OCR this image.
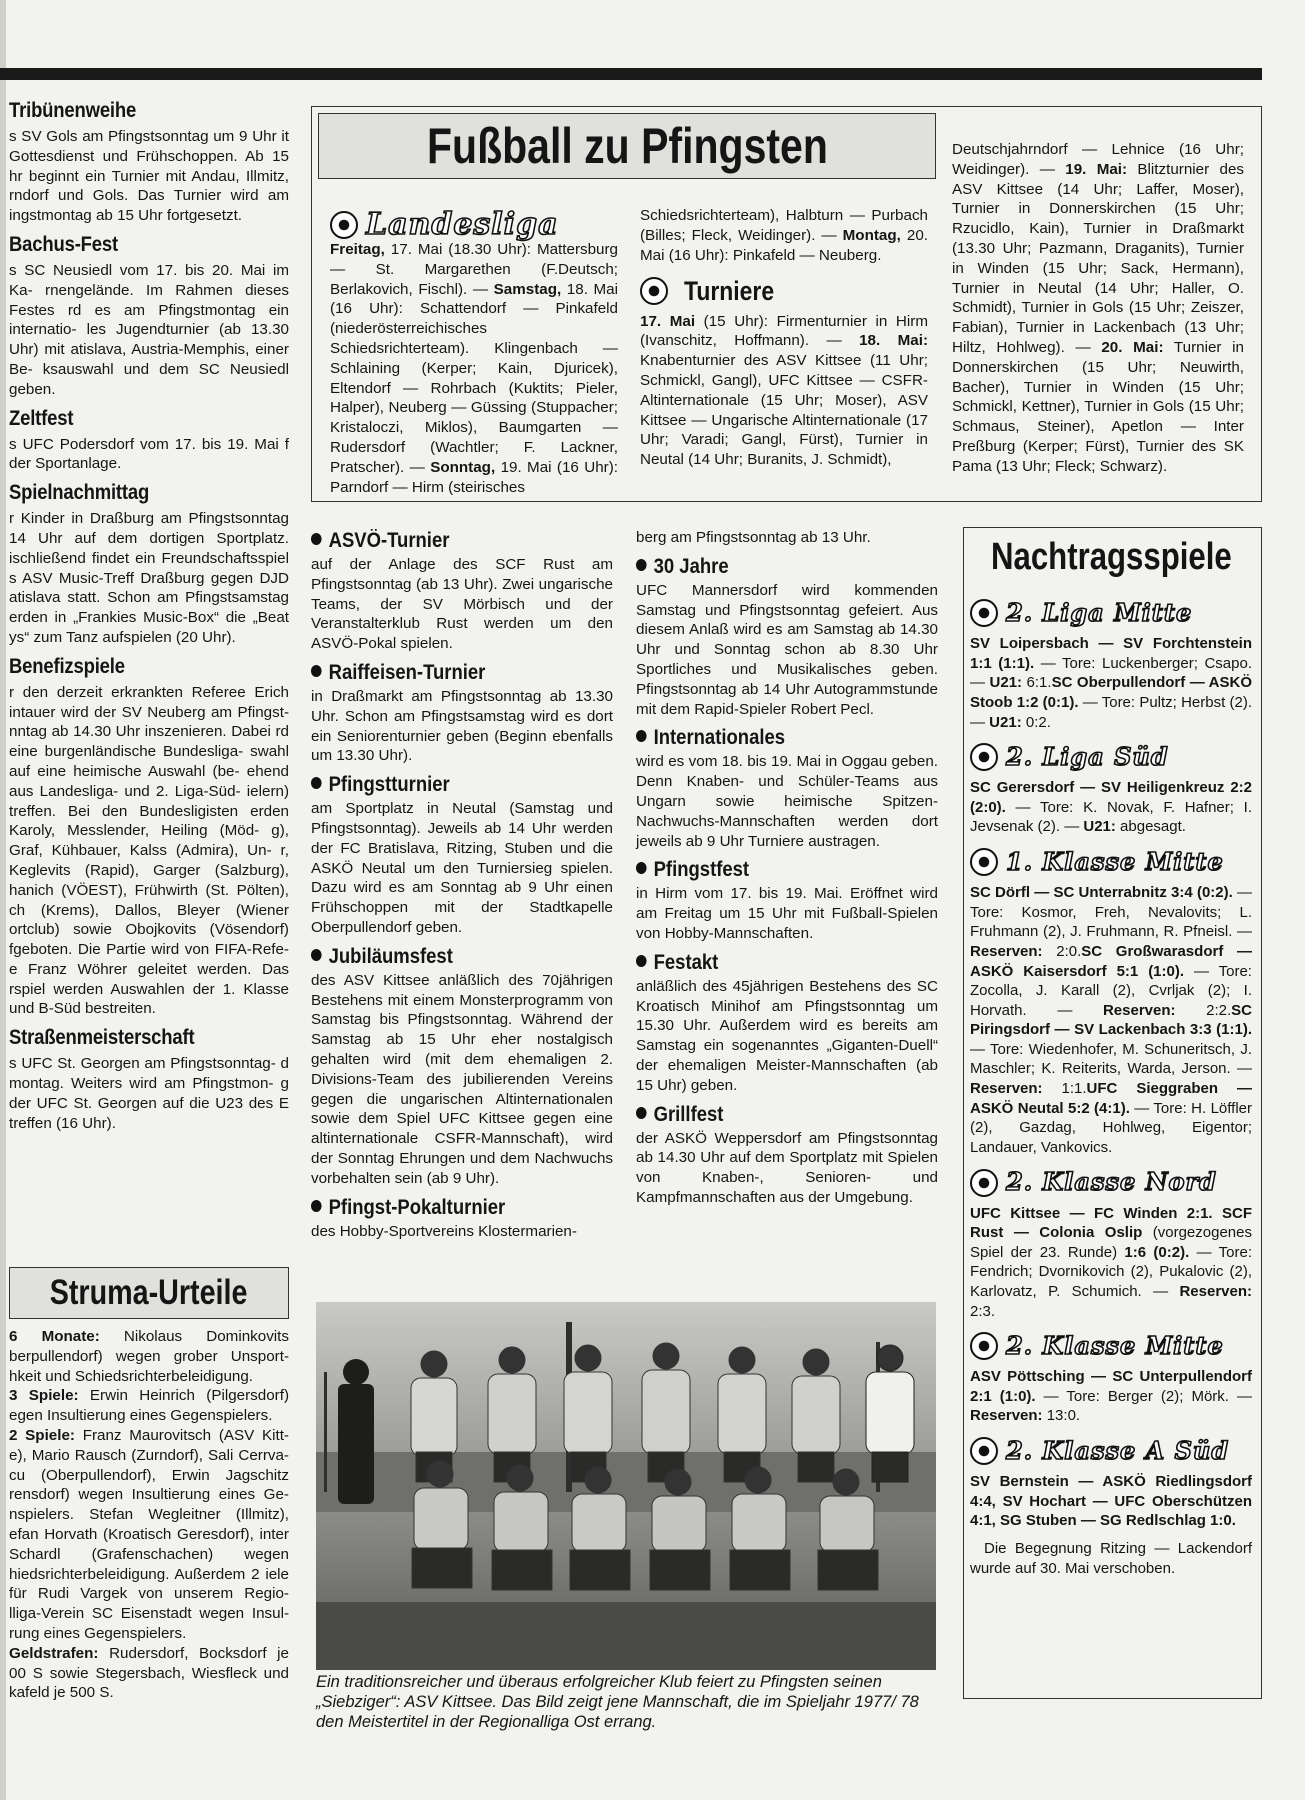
Tribünenweihe

s SV Gols am Pfingstsonntag um 9 Uhr it Gottesdienst und Frühschoppen. Ab 15 hr beginnt ein Turnier mit Andau, Illmitz, rndorf und Gols. Das Turnier wird am ingstmontag ab 15 Uhr fortgesetzt.

Bachus-Fest

s SC Neusiedl vom 17. bis 20. Mai im Ka- rnengelände. Im Rahmen dieses Festes rd es am Pfingstmontag ein internatio- les Jugendturnier (ab 13.30 Uhr) mit atislava, Austria-Memphis, einer Be- ksauswahl und dem SC Neusiedl geben.

Zeltfest

s UFC Podersdorf vom 17. bis 19. Mai f der Sportanlage.

Spielnachmittag

r Kinder in Draßburg am Pfingstsonntag 14 Uhr auf dem dortigen Sportplatz. ischließend findet ein Freundschaftsspiel s ASV Music-Treff Draßburg gegen DJD atislava statt. Schon am Pfingstsamstag erden in „Frankies Music-Box“ die „Beat ys“ zum Tanz aufspielen (20 Uhr).

Benefizspiele

r den derzeit erkrankten Referee Erich intauer wird der SV Neuberg am Pfingst- nntag ab 14.30 Uhr inszenieren. Dabei rd eine burgenländische Bundesliga- swahl auf eine heimische Auswahl (be- ehend aus Landesliga- und 2. Liga-Süd- ielern) treffen. Bei den Bundesligisten erden Karoly, Messlender, Heiling (Möd- g), Graf, Kühbauer, Kalss (Admira), Un- r, Keglevits (Rapid), Garger (Salzburg), hanich (VÖEST), Frühwirth (St. Pölten), ch (Krems), Dallos, Bleyer (Wiener ortclub) sowie Obojkovits (Vösendorf) fgeboten. Die Partie wird von FIFA-Refe- e Franz Wöhrer geleitet werden. Das rspiel werden Auswahlen der 1. Klasse und B-Süd bestreiten.

Straßenmeisterschaft

s UFC St. Georgen am Pfingstsonntag- d montag. Weiters wird am Pfingstmon- g der UFC St. Georgen auf die U23 des E treffen (16 Uhr).

Struma-Urteile

6 Monate: Nikolaus Dominkovits berpullendorf) wegen grober Unsport- hkeit und Schiedsrichterbeleidigung.

3 Spiele: Erwin Heinrich (Pilgersdorf) egen Insultierung eines Gegenspielers.

2 Spiele: Franz Maurovitsch (ASV Kitt- e), Mario Rausch (Zurndorf), Sali Cerrva- cu (Oberpullendorf), Erwin Jagschitz rensdorf) wegen Insultierung eines Ge- nspielers. Stefan Wegleitner (Illmitz), efan Horvath (Kroatisch Geresdorf), inter Schardl (Grafenschachen) wegen hiedsrichterbeleidigung. Außerdem 2 iele für Rudi Vargek von unserem Regio- lliga-Verein SC Eisenstadt wegen Insul- rung eines Gegenspielers.

Geldstrafen: Rudersdorf, Bocksdorf je 00 S sowie Stegersbach, Wiesfleck und kafeld je 500 S.

Fußball zu Pfingsten
Landesliga

Freitag, 17. Mai (18.30 Uhr): Mattersburg — St. Margarethen (F.Deutsch; Berlakovich, Fischl). — Samstag, 18. Mai (16 Uhr): Schattendorf — Pinkafeld (niederösterreichisches Schiedsrichterteam). Klingenbach — Schlaining (Kerper; Kain, Djuricek), Eltendorf — Rohrbach (Kuktits; Pieler, Halper), Neuberg — Güssing (Stuppacher; Kristaloczi, Miklos), Baumgarten — Rudersdorf (Wachtler; F. Lackner, Pratscher). — Sonntag, 19. Mai (16 Uhr): Parndorf — Hirm (steirisches

Schiedsrichterteam), Halbturn — Purbach (Billes; Fleck, Weidinger). — Montag, 20. Mai (16 Uhr): Pinkafeld — Neuberg.

Turniere

17. Mai (15 Uhr): Firmenturnier in Hirm (Ivanschitz, Hoffmann). — 18. Mai: Knabenturnier des ASV Kittsee (11 Uhr; Schmickl, Gangl), UFC Kittsee — CSFR-Altinternationale (15 Uhr; Moser), ASV Kittsee — Ungarische Altinternationale (17 Uhr; Varadi; Gangl, Fürst), Turnier in Neutal (14 Uhr; Buranits, J. Schmidt),

Deutschjahrndorf — Lehnice (16 Uhr; Weidinger). — 19. Mai: Blitzturnier des ASV Kittsee (14 Uhr; Laffer, Moser), Turnier in Donnerskirchen (15 Uhr; Rzucidlo, Kain), Turnier in Draßmarkt (13.30 Uhr; Pazmann, Draganits), Turnier in Winden (15 Uhr; Sack, Hermann), Turnier in Neutal (14 Uhr; Haller, O. Schmidt), Turnier in Gols (15 Uhr; Zeiszer, Fabian), Turnier in Lackenbach (13 Uhr; Hiltz, Hohlweg). — 20. Mai: Turnier in Donnerskirchen (15 Uhr; Neuwirth, Bacher), Turnier in Winden (15 Uhr; Schmickl, Kettner), Turnier in Gols (15 Uhr; Schmaus, Steiner), Apetlon — Inter Preßburg (Kerper; Fürst), Turnier des SK Pama (13 Uhr; Fleck; Schwarz).

ASVÖ-Turnier

auf der Anlage des SCF Rust am Pfingstsonntag (ab 13 Uhr). Zwei ungarische Teams, der SV Mörbisch und der Veranstalterklub Rust werden um den ASVÖ-Pokal spielen.

Raiffeisen-Turnier

in Draßmarkt am Pfingstsonntag ab 13.30 Uhr. Schon am Pfingstsamstag wird es dort ein Seniorenturnier geben (Beginn ebenfalls um 13.30 Uhr).

Pfingstturnier

am Sportplatz in Neutal (Samstag und Pfingstsonntag). Jeweils ab 14 Uhr werden der FC Bratislava, Ritzing, Stuben und die ASKÖ Neutal um den Turniersieg spielen. Dazu wird es am Sonntag ab 9 Uhr einen Frühschoppen mit der Stadtkapelle Oberpullendorf geben.

Jubiläumsfest

des ASV Kittsee anläßlich des 70jährigen Bestehens mit einem Monsterprogramm von Samstag bis Pfingstsonntag. Während der Samstag ab 15 Uhr eher nostalgisch gehalten wird (mit dem ehemaligen 2. Divisions-Team des jubilierenden Vereins gegen die ungarischen Altinternationalen sowie dem Spiel UFC Kittsee gegen eine altinternationale CSFR-Mannschaft), wird der Sonntag Ehrungen und dem Nachwuchs vorbehalten sein (ab 9 Uhr).

Pfingst-Pokalturnier

des Hobby-Sportvereins Klostermarien-

berg am Pfingstsonntag ab 13 Uhr.

30 Jahre

UFC Mannersdorf wird kommenden Samstag und Pfingstsonntag gefeiert. Aus diesem Anlaß wird es am Samstag ab 14.30 Uhr und Sonntag schon ab 8.30 Uhr Sportliches und Musikalisches geben. Pfingstsonntag ab 14 Uhr Autogrammstunde mit dem Rapid-Spieler Robert Pecl.

Internationales

wird es vom 18. bis 19. Mai in Oggau geben. Denn Knaben- und Schüler-Teams aus Ungarn sowie heimische Spitzen-Nachwuchs-Mannschaften werden dort jeweils ab 9 Uhr Turniere austragen.

Pfingstfest

in Hirm vom 17. bis 19. Mai. Eröffnet wird am Freitag um 15 Uhr mit Fußball-Spielen von Hobby-Mannschaften.

Festakt

anläßlich des 45jährigen Bestehens des SC Kroatisch Minihof am Pfingstsonntag um 15.30 Uhr. Außerdem wird es bereits am Samstag ein sogenanntes „Giganten-Duell“ der ehemaligen Meister-Mannschaften (ab 15 Uhr) geben.

Grillfest

der ASKÖ Weppersdorf am Pfingstsonntag ab 14.30 Uhr auf dem Sportplatz mit Spielen von Knaben-, Senioren- und Kampfmannschaften aus der Umgebung.

Nachtragsspiele
2. Liga Mitte

SV Loipersbach — SV Forchtenstein 1:1 (1:1). — Tore: Luckenberger; Csapo. — U21: 6:1.SC Oberpullendorf — ASKÖ Stoob 1:2 (0:1). — Tore: Pultz; Herbst (2). — U21: 0:2.

2. Liga Süd

SC Gerersdorf — SV Heiligenkreuz 2:2 (2:0). — Tore: K. Novak, F. Hafner; I. Jevsenak (2). — U21: abgesagt.

1. Klasse Mitte

SC Dörfl — SC Unterrabnitz 3:4 (0:2). — Tore: Kosmor, Freh, Nevalovits; L. Fruhmann (2), J. Fruhmann, R. Pfneisl. — Reserven: 2:0.SC Großwarasdorf — ASKÖ Kaisersdorf 5:1 (1:0). — Tore: Zocolla, J. Karall (2), Cvrljak (2); I. Horvath. — Reserven: 2:2.SC Piringsdorf — SV Lackenbach 3:3 (1:1). — Tore: Wiedenhofer, M. Schuneritsch, J. Maschler; K. Reiterits, Warda, Jerson. — Reserven: 1:1.UFC Sieggraben — ASKÖ Neutal 5:2 (4:1). — Tore: H. Löffler (2), Gazdag, Hohlweg, Eigentor; Landauer, Vankovics.

2. Klasse Nord

UFC Kittsee — FC Winden 2:1. SCF Rust — Colonia Oslip (vorgezogenes Spiel der 23. Runde) 1:6 (0:2). — Tore: Fendrich; Dvornikovich (2), Pukalovic (2), Karlovatz, P. Schumich. — Reserven: 2:3.

2. Klasse Mitte

ASV Pöttsching — SC Unterpullendorf 2:1 (1:0). — Tore: Berger (2); Mörk. — Reserven: 13:0.

2. Klasse A Süd

SV Bernstein — ASKÖ Riedlingsdorf 4:4, SV Hochart — UFC Oberschützen 4:1, SG Stuben — SG Redlschlag 1:0.

Die Begegnung Ritzing — Lackendorf wurde auf 30. Mai verschoben.

Ein traditionsreicher und überaus erfolgreicher Klub feiert zu Pfingsten seinen „Siebziger“: ASV Kittsee. Das Bild zeigt jene Mannschaft, die im Spieljahr 1977/ 78 den Meistertitel in der Regionalliga Ost errang.
